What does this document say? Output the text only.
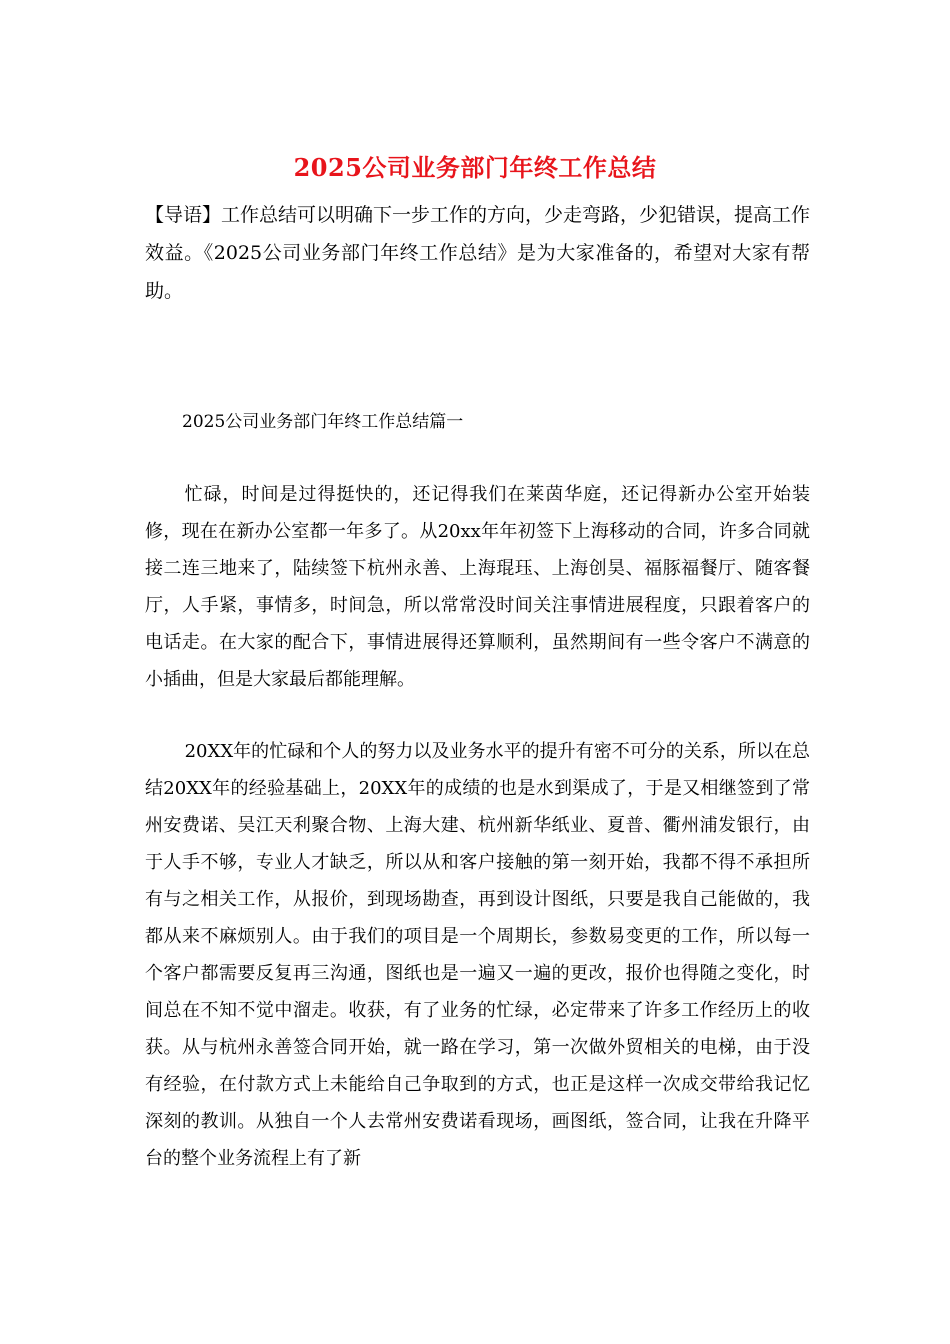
2025公司业务部门年终工作总结
【导语】工作总结可以明确下一步工作的方向，少走弯路，少犯错误，提高工作效益。《2025公司业务部门年终工作总结》是为大家准备的，希望对大家有帮助。
2025公司业务部门年终工作总结篇一

忙碌，时间是过得挺快的，还记得我们在莱茵华庭，还记得新办公室开始装修，现在在新办公室都一年多了。从20xx年年初签下上海移动的合同，许多合同就接二连三地来了，陆续签下杭州永善、上海琨珏、上海创昊、福豚福餐厅、随客餐厅，人手紧，事情多，时间急，所以常常没时间关注事情进展程度，只跟着客户的电话走。在大家的配合下，事情进展得还算顺利，虽然期间有一些令客户不满意的小插曲，但是大家最后都能理解。

20XX年的忙碌和个人的努力以及业务水平的提升有密不可分的关系，所以在总结20XX年的经验基础上，20XX年的成绩的也是水到渠成了，于是又相继签到了常州安费诺、吴江天利聚合物、上海大建、杭州新华纸业、夏普、衢州浦发银行，由于人手不够，专业人才缺乏，所以从和客户接触的第一刻开始，我都不得不承担所有与之相关工作，从报价，到现场勘查，再到设计图纸，只要是我自己能做的，我都从来不麻烦别人。由于我们的项目是一个周期长，参数易变更的工作，所以每一个客户都需要反复再三沟通，图纸也是一遍又一遍的更改，报价也得随之变化，时间总在不知不觉中溜走。收获，有了业务的忙绿，必定带来了许多工作经历上的收获。从与杭州永善签合同开始，就一路在学习，第一次做外贸相关的电梯，由于没有经验，在付款方式上未能给自己争取到的方式，也正是这样一次成交带给我记忆深刻的教训。从独自一个人去常州安费诺看现场，画图纸，签合同，让我在升降平台的整个业务流程上有了新
